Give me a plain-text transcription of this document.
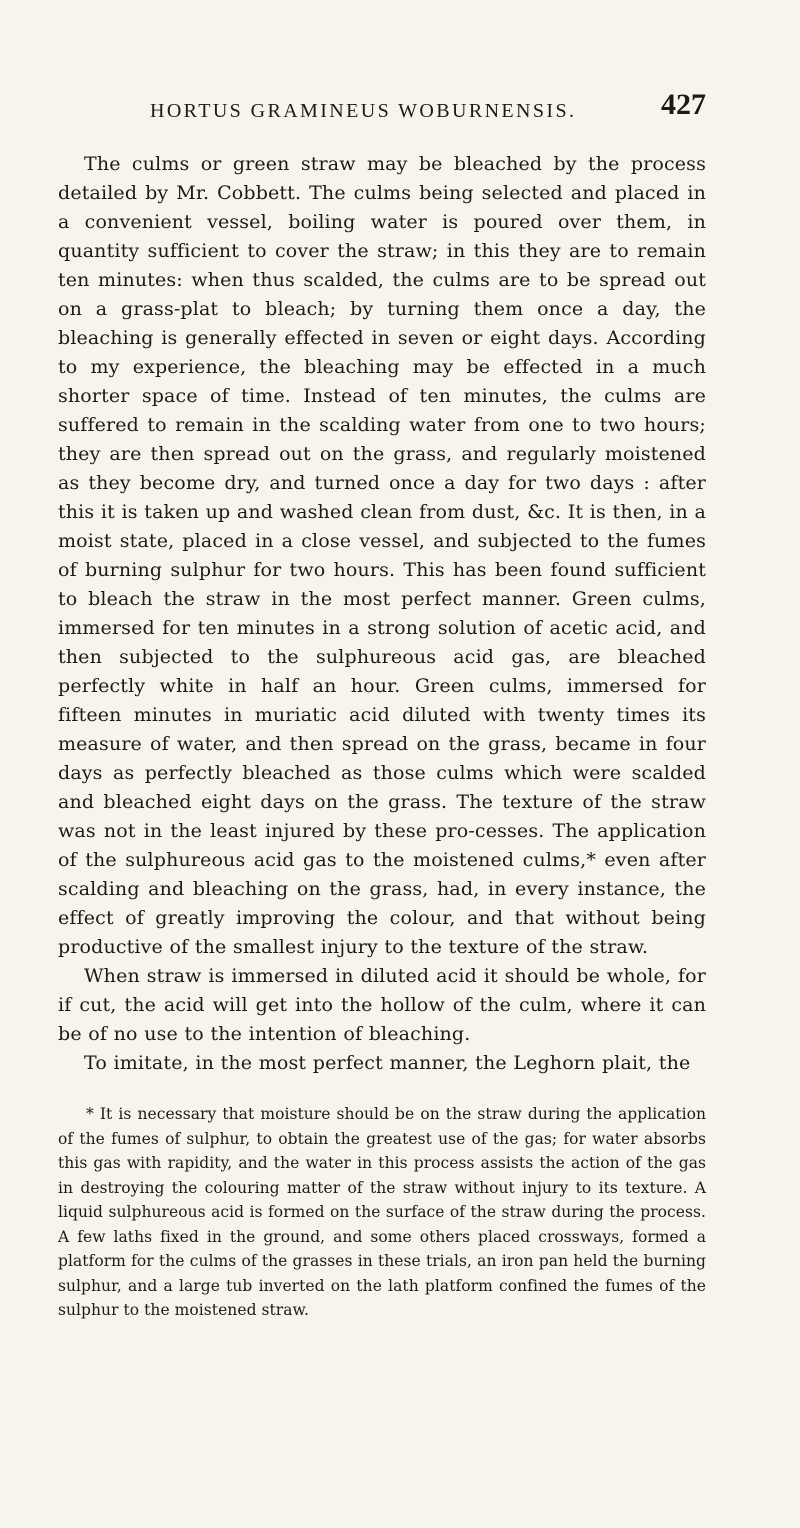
HORTUS GRAMINEUS WOBURNENSIS.	427

The culms or green straw may be bleached by the process detailed by Mr. Cobbett. The culms being selected and placed in a convenient vessel, boiling water is poured over them, in quantity sufficient to cover the straw; in this they are to remain ten minutes: when thus scalded, the culms are to be spread out on a grass-plat to bleach; by turning them once a day, the bleaching is generally effected in seven or eight days. According to my experience, the bleaching may be effected in a much shorter space of time. Instead of ten minutes, the culms are suffered to remain in the scalding water from one to two hours; they are then spread out on the grass, and regularly moistened as they become dry, and turned once a day for two days : after this it is taken up and washed clean from dust, &c. It is then, in a moist state, placed in a close vessel, and subjected to the fumes of burning sulphur for two hours. This has been found sufficient to bleach the straw in the most perfect manner. Green culms, immersed for ten minutes in a strong solution of acetic acid, and then subjected to the sulphureous acid gas, are bleached perfectly white in half an hour. Green culms, immersed for fifteen minutes in muriatic acid diluted with twenty times its measure of water, and then spread on the grass, became in four days as perfectly bleached as those culms which were scalded and bleached eight days on the grass. The texture of the straw was not in the least injured by these pro-cesses. The application of the sulphureous acid gas to the moistened culms,* even after scalding and bleaching on the grass, had, in every instance, the effect of greatly improving the colour, and that without being productive of the smallest injury to the texture of the straw.

When straw is immersed in diluted acid it should be whole, for if cut, the acid will get into the hollow of the culm, where it can be of no use to the intention of bleaching.

To imitate, in the most perfect manner, the Leghorn plait, the

* It is necessary that moisture should be on the straw during the application of the fumes of sulphur, to obtain the greatest use of the gas; for water absorbs this gas with rapidity, and the water in this process assists the action of the gas in destroying the colouring matter of the straw without injury to its texture. A liquid sulphureous acid is formed on the surface of the straw during the process. A few laths fixed in the ground, and some others placed crossways, formed a platform for the culms of the grasses in these trials, an iron pan held the burning sulphur, and a large tub inverted on the lath platform confined the fumes of the sulphur to the moistened straw.
